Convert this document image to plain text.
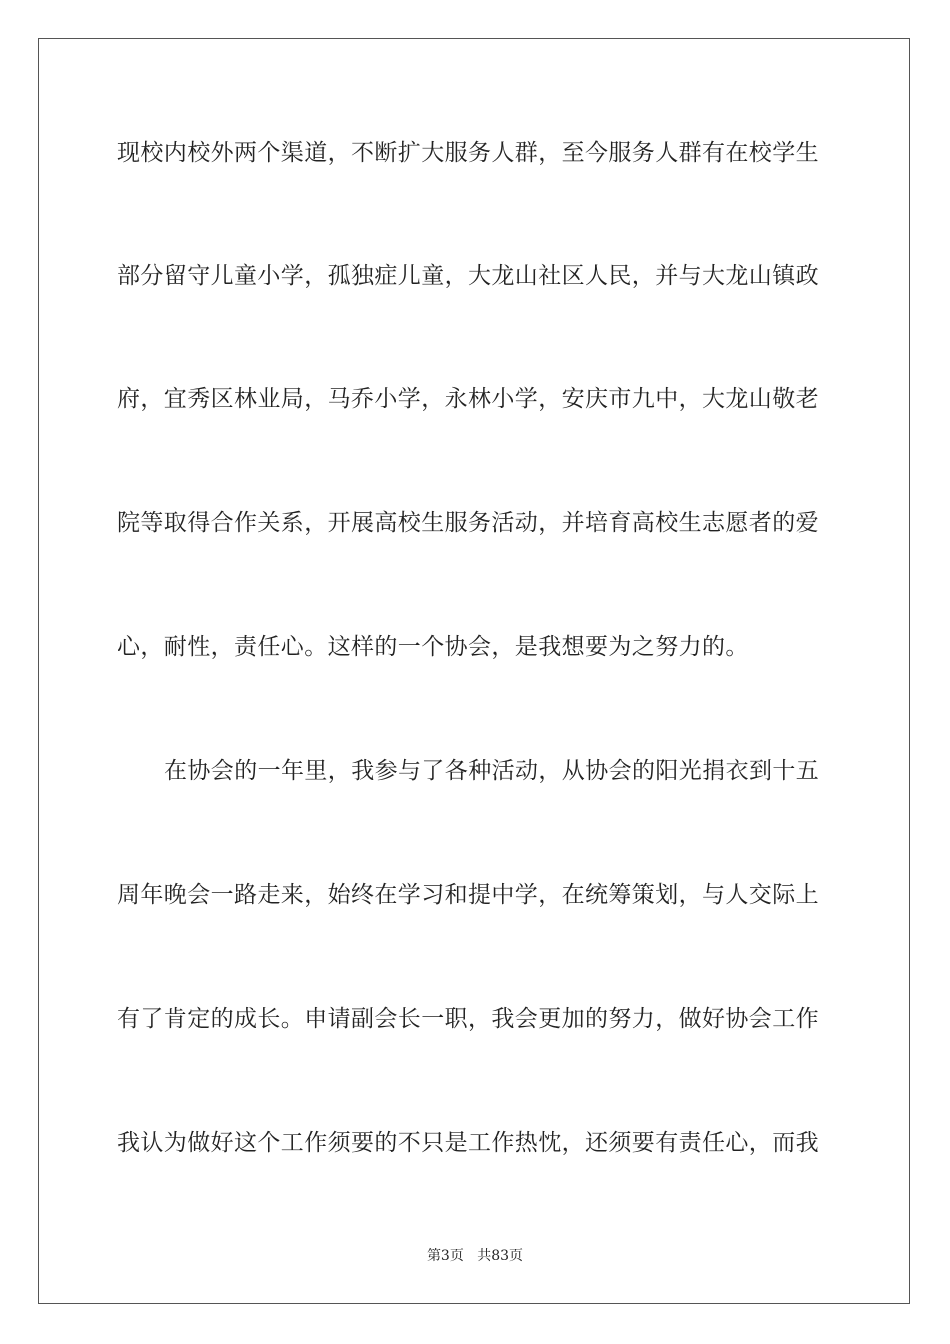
现校内校外两个渠道，不断扩大服务人群，至今服务人群有在校学生
部分留守儿童小学，孤独症儿童，大龙山社区人民，并与大龙山镇政
府，宜秀区林业局，马乔小学，永林小学，安庆市九中，大龙山敬老
院等取得合作关系，开展高校生服务活动，并培育高校生志愿者的爱
心，耐性，责任心。这样的一个协会，是我想要为之努力的。
在协会的一年里，我参与了各种活动，从协会的阳光捐衣到十五
周年晚会一路走来，始终在学习和提中学，在统筹策划，与人交际上
有了肯定的成长。申请副会长一职，我会更加的努力，做好协会工作
我认为做好这个工作须要的不只是工作热忱，还须要有责任心，而我
第3页 共83页
